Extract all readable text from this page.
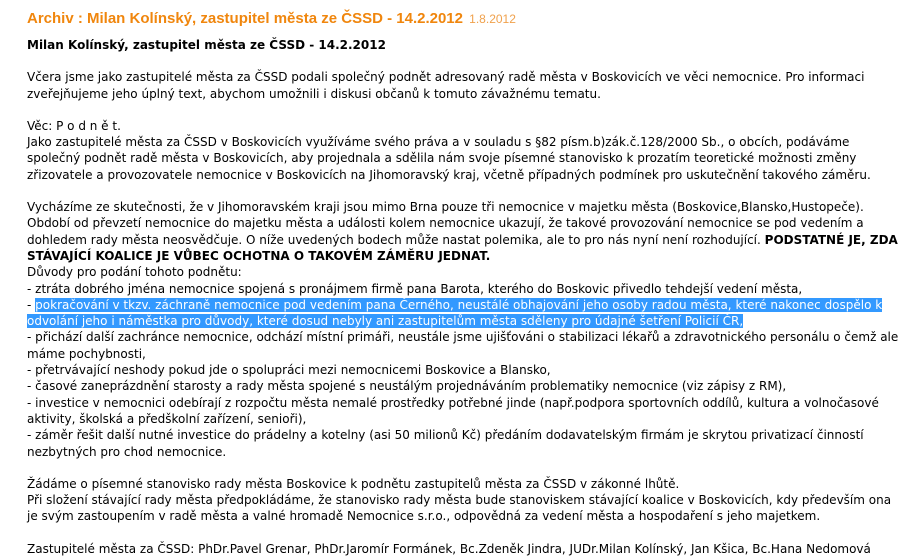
Archiv : Milan Kolínský, zastupitel města ze ČSSD - 14.2.2012 1.8.2012

Milan Kolínský, zastupitel města ze ČSSD - 14.2.2012

Včera jsme jako zastupitelé města za ČSSD podali společný podnět adresovaný radě města v Boskovicích ve věci nemocnice. Pro informaci zveřejňujeme jeho úplný text, abychom umožnili i diskusi občanů k tomuto závažnému tematu.

Věc: P o d n ě t.

Jako zastupitelé města za ČSSD v Boskovicích využíváme svého práva a v souladu s §82 písm.b)zák.č.128/2000 Sb., o obcích, podáváme společný podnět radě města v Boskovicích, aby projednala a sdělila nám svoje písemné stanovisko k prozatím teoretické možnosti změny zřizovatele a provozovatele nemocnice v Boskovicích na Jihomoravský kraj, včetně případných podmínek pro uskutečnění takového záměru.

Vycházíme ze skutečnosti, že v Jihomoravském kraji jsou mimo Brna pouze tři nemocnice v majetku města (Boskovice,Blansko,Hustopeče). Období od převzetí nemocnice do majetku města a události kolem nemocnice ukazují, že takové provozování nemocnice se pod vedením a dohledem rady města neosvědčuje. O níže uvedených bodech může nastat polemika, ale to pro nás nyní není rozhodující. PODSTATNÉ JE, ZDA STÁVAJÍCÍ KOALICE JE VŮBEC OCHOTNA O TAKOVÉM ZÁMĚRU JEDNAT.

Důvody pro podání tohoto podnětu:

- ztráta dobrého jména nemocnice spojená s pronájmem firmě pana Barota, kterého do Boskovic přivedlo tehdejší vedení města,

- pokračování v tkzv. záchraně nemocnice pod vedením pana Černého, neustálé obhajování jeho osoby radou města, které nakonec dospělo k odvolání jeho i náměstka pro důvody, které dosud nebyly ani zastupitelům města sděleny pro údajné šetření Policií ČR,

- přichází další zachránce nemocnice, odchází místní primáři, neustále jsme ujišťováni o stabilizaci lékařů a zdravotnického personálu o čemž ale máme pochybnosti,

- přetrvávající neshody pokud jde o spolupráci mezi nemocnicemi Boskovice a Blansko,

- časové zaneprázdnění starosty a rady města spojené s neustálým projednáváním problematiky nemocnice (viz zápisy z RM),

- investice v nemocnici odebírají z rozpočtu města nemalé prostředky potřebné jinde (např.podpora sportovních oddílů, kultura a volnočasové aktivity, školská a předškolní zařízení, senioři),

- záměr řešit další nutné investice do prádelny a kotelny (asi 50 milionů Kč) předáním dodavatelským firmám je skrytou privatizací činností nezbytných pro chod nemocnice.

Žádáme o písemné stanovisko rady města Boskovice k podnětu zastupitelů města za ČSSD v zákonné lhůtě.

Při složení stávající rady města předpokládáme, že stanovisko rady města bude stanoviskem stávající koalice v Boskovicích, kdy především ona je svým zastoupením v radě města a valné hromadě Nemocnice s.r.o., odpovědná za vedení města a hospodaření s jeho majetkem.

Zastupitelé města za ČSSD: PhDr.Pavel Grenar, PhDr.Jaromír Formánek, Bc.Zdeněk Jindra, JUDr.Milan Kolínský, Jan Kšica, Bc.Hana Nedomová
